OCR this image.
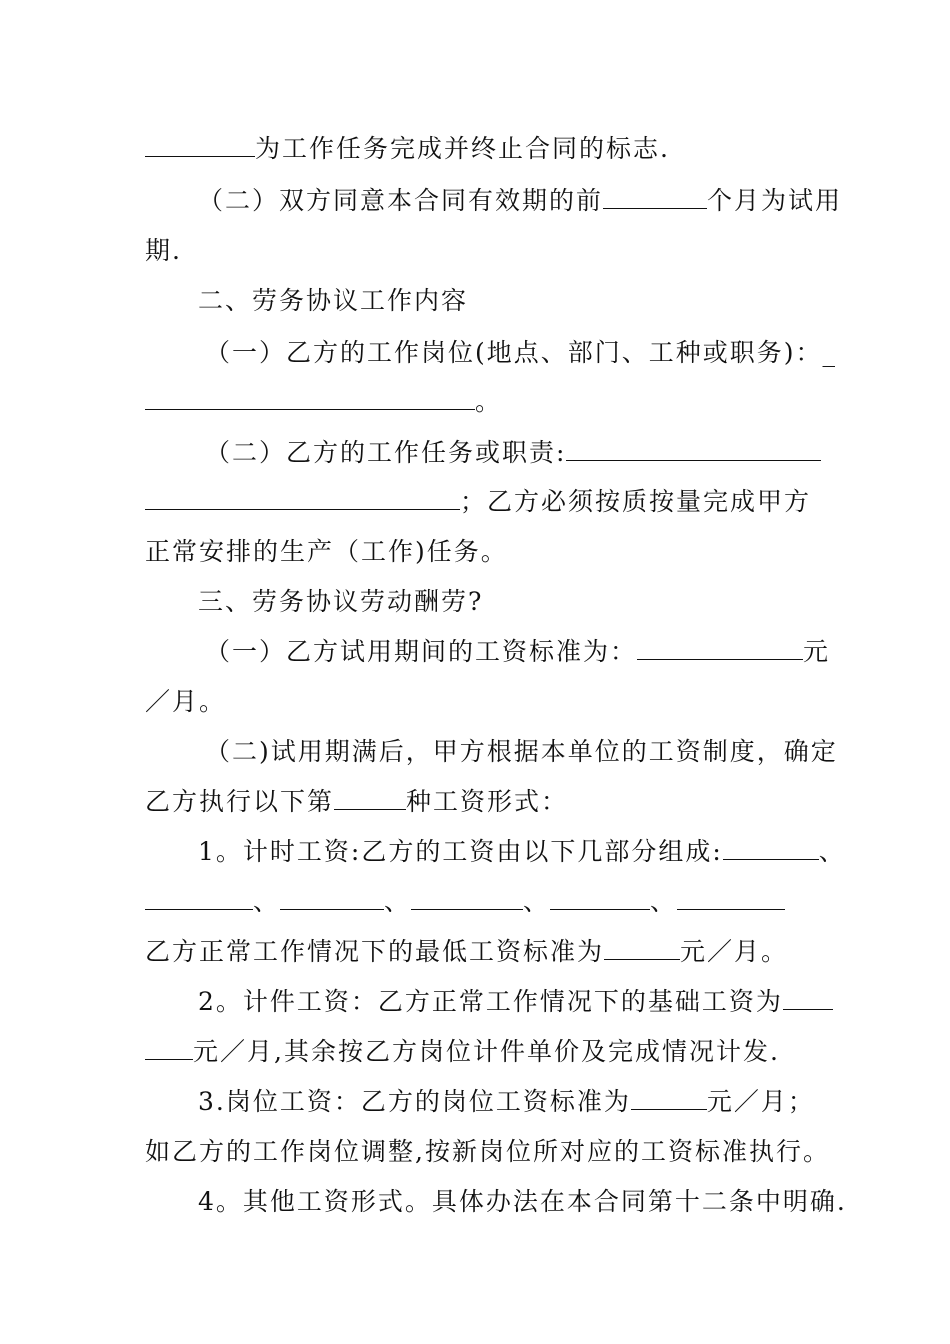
为工作任务完成并终止合同的标志.
（二）双方同意本合同有效期的前	个月为试用
期.
二、劳务协议工作内容
（一）乙方的工作岗位(地点、部门、工种或职务)：_
。
（二）乙方的工作任务或职责:
；乙方必须按质按量完成甲方
正常安排的生产（工作)任务。
三、劳务协议劳动酬劳?
（一）乙方试用期间的工资标准为：	元
／月。
（二)试用期满后，甲方根据本单位的工资制度，确定
乙方执行以下第	种工资形式：
1。计时工资:乙方的工资由以下几部分组成:	、
、	、	、	、
乙方正常工作情况下的最低工资标准为	元／月。
2。计件工资：乙方正常工作情况下的基础工资为
元／月,其余按乙方岗位计件单价及完成情况计发.
3.岗位工资：乙方的岗位工资标准为	元／月；
如乙方的工作岗位调整,按新岗位所对应的工资标准执行。
4。其他工资形式。具体办法在本合同第十二条中明确.
